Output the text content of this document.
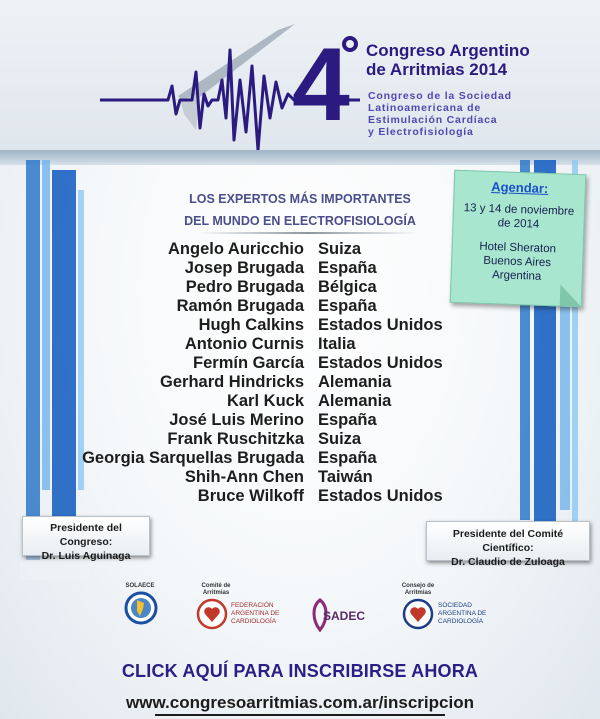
4 Congreso Argentino
de Arritmias 2014
Congreso de la Sociedad
Latinoamericana de
Estimulación Cardíaca
y Electrofisiología
LOS EXPERTOS MÁS IMPORTANTES
DEL MUNDO EN ELECTROFISIOLOGÍA
Angelo Auricchio
Josep Brugada
Pedro Brugada
Ramón Brugada
Hugh Calkins
Antonio Curnis
Fermín García
Gerhard Hindricks
Karl Kuck
José Luis Merino
Frank Ruschitzka
Georgia Sarquellas Brugada
Shih-Ann Chen
Bruce Wilkoff
Suiza
España
Bélgica
España
Estados Unidos
Italia
Estados Unidos
Alemania
Alemania
España
Suiza
España
Taiwán
Estados Unidos
Agendar:
13 y 14 de noviembre
de 2014
Hotel Sheraton
Buenos Aires
Argentina
Presidente del Congreso:
Dr. Luis Aguinaga
Presidente del Comité Científico:
Dr. Claudio de Zuloaga
SOLAECE	Comité de
Arritmias
FEDERACIÓN
ARGENTINA DE
CARDIOLOGÍA	SADEC
Consejo de
Arritmias
SOCIEDAD
ARGENTINA DE
CARDIOLOGÍA
CLICK AQUÍ PARA INSCRIBIRSE AHORA
www.congresoarritmias.com.ar/inscripcion
